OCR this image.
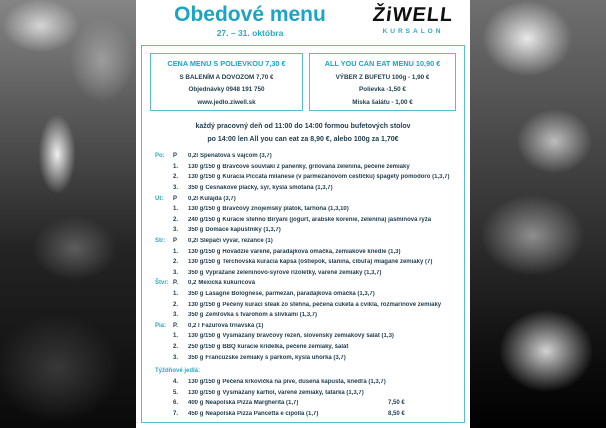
Obedové menu
27. – 31. októbra
ŽiWELL
KURSALON
CENA MENU S POLIEVKOU 7,30 €
S BALENÍM A DOVOZOM 7,70 €
Objednávky 0948 191 750
www.jedlo.ziwell.sk
ALL YOU CAN EAT MENU 10,90 €
VÝBER Z BUFETU 100g - 1,90 €
Polievka -1,50 €
Miska šalátu - 1,00 €
každý pracovný deň od 11:00 do 14:00 formou bufetových stolov
po 14:00 len All you can eat za 8,90 €, alebo 100g za 1,70€
Po:	P	0,2l Špenátová s vajcom (3,7)
1.	130 g/150 g Bravčové souvlaki z panenky, grilovaná zelenina, pečené zemiaky
2.	130 g/150 g Kuracia Piccata milanese (v parmezánovom cestíčku) špagety pomodoro (1,3,7)
3.	350 g Cesnakové placky, syr, kyslá smotana (1,3,7)
Ut:	P	0,2l Kulajda (3,7)
1.	130 g/150 g Bravčový znojemský plátok, tarhoňa (1,3,10)
2.	240 g/150 g Kuracie stehno Biryani (jogurt, arabské korenie, zelenina) jasmínová ryža
3.	350 g Domáce kapustníky (1,3,7)
Str:	P	0,2l Slepačí vývar, rezance (1)
1.	130 g/150 g Hovädzie varené, paradajková omáčka, zemiakové knedle (1,3)
2.	130 g/150 g Terchovská kuracia kapsa (oštiepok, slanina, cibuľa) miagané zemiaky (7)
3.	350 g Vyprážané zeleninovo-syrové rizoletky, varené zemiaky (1,3,7)
Štvr: P.	0,2 Mexická kukuricová
1.	350 g Lasagne Bolognese, parmezán, paradajková omáčka (1,3,7)
2.	130 g/150 g Pečený kurací steak zo stehna, pečená cuketa a cvikla, rozmarínové zemiaky
3.	350 g Žemľovka s tvarohom a slivkami (1,3,7)
Pia:	P.	0,2 l Fazuľová trnavská (1)
1.	130 g/150 g Vysmážaný bravčový rezeň, slovenský zemiakový šalát (1,3)
2.	250 g/150 g BBQ kuracie krídelká, pečené zemiaky, šalát
3.	350 g Francúzske zemiaky s párkom, kyslá uhorka (3,7)
Týždňové jedlá:
4.	130 g/150 g Pečená krkovička na pive, dusená kapusta, knedľa (1,3,7)
5.	130 g/150 g Vysmážaný karfiol, varené zemiaky, tatárka (1,3,7)
6.	400 g Neapolská Pizza Margherita (1,7)	7,50 €
7.	450 g Neapolská Pizza Pancetta e cipolla (1,7)	8,50 €
